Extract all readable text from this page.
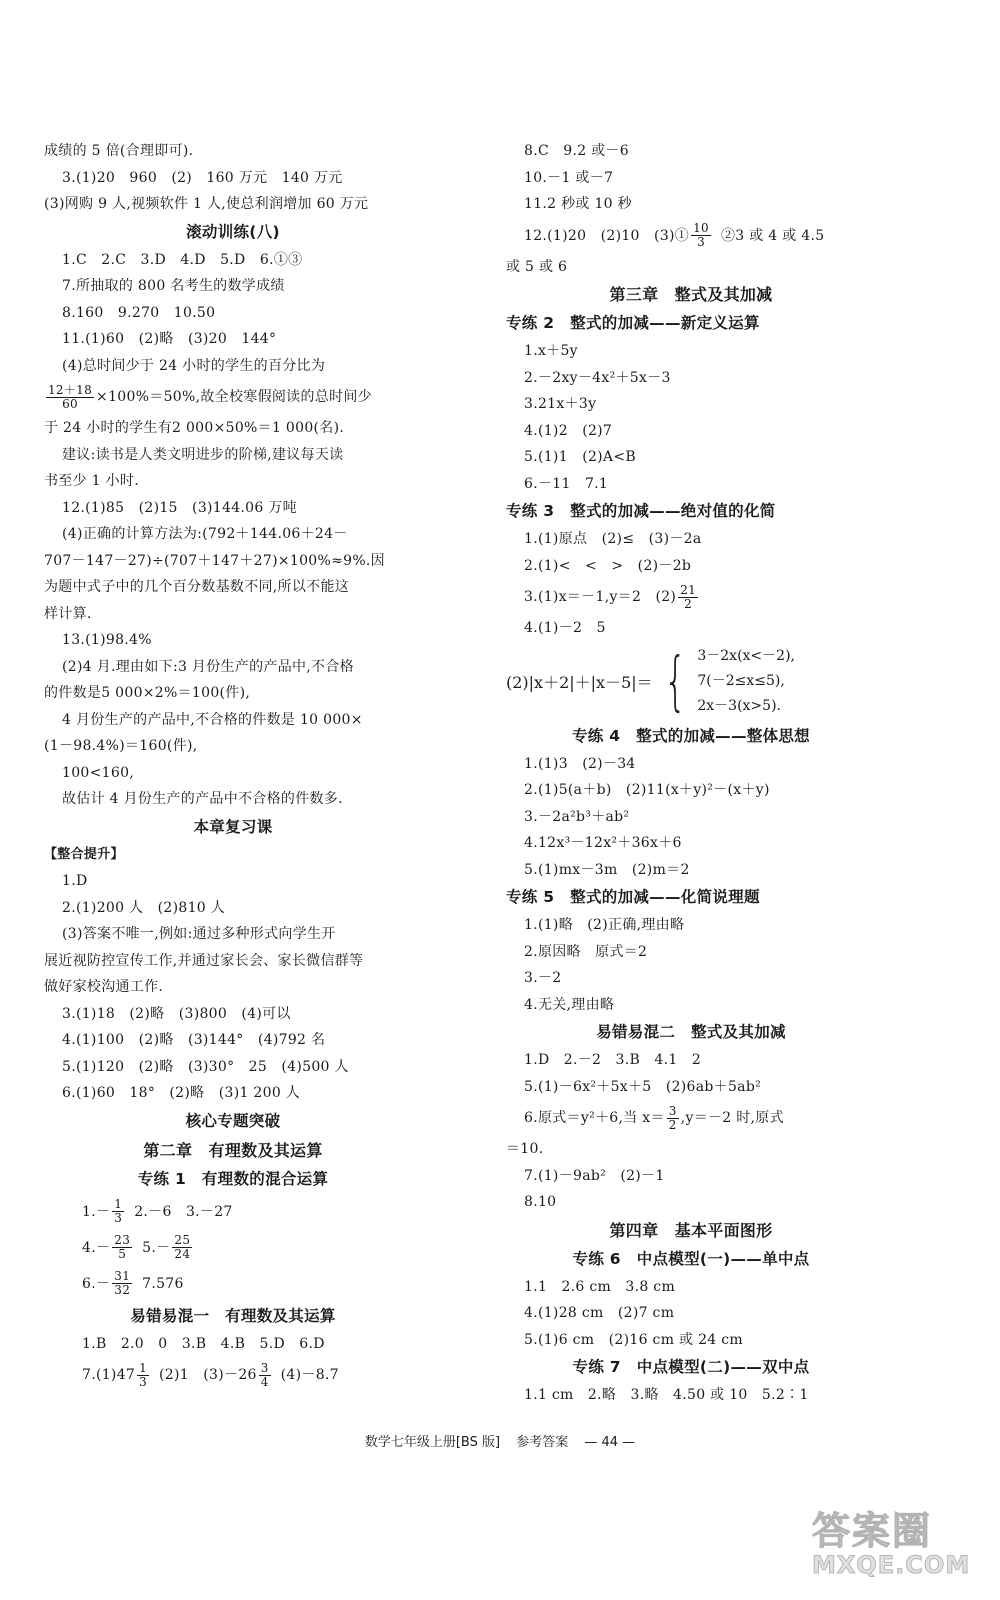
成绩的 5 倍(合理即可).
3.(1)20　960　(2)　160 万元　140 万元
(3)网购 9 人,视频软件 1 人,使总利润增加 60 万元
滚动训练(八)
1.C　2.C　3.D　4.D　5.D　6.①③
7.所抽取的 800 名考生的数学成绩
8.160　9.270　10.50
11.(1)60　(2)略　(3)20　144°
(4)总时间少于 24 小时的学生的百分比为
$\frac{12+18}{60} \times 100\%=50\%$,故全校寒假阅读的总时间少
于 24 小时的学生有2 000×50%＝1 000(名).
建议:读书是人类文明进步的阶梯,建议每天读
书至少 1 小时.
12.(1)85　(2)15　(3)144.06 万吨
(4)正确的计算方法为:(792＋144.06＋24－
707－147－27)÷(707＋147＋27)×100%≈9%.因
为题中式子中的几个百分数基数不同,所以不能这
样计算.
13.(1)98.4%
(2)4 月.理由如下:3 月份生产的产品中,不合格
的件数是5 000×2%＝100(件),
4 月份生产的产品中,不合格的件数是 10 000×
(1－98.4%)＝160(件),
100<160,
故估计 4 月份生产的产品中不合格的件数多.
本章复习课
【整合提升】
1.D
2.(1)200 人　(2)810 人
(3)答案不唯一,例如:通过多种形式向学生开
展近视防控宣传工作,并通过家长会、家长微信群等
做好家校沟通工作.
3.(1)18　(2)略　(3)800　(4)可以
4.(1)100　(2)略　(3)144°　(4)792 名
5.(1)120　(2)略　(3)30°　25　(4)500 人
6.(1)60　18°　(2)略　(3)1 200 人
核心专题突破
第二章　有理数及其运算
专练 1　有理数的混合运算
$1.- \frac{1}{3} 2.-6$　3.－27
$4.- \frac{23}{5} 5.- \frac{25}{24}$
$6.- \frac{31}{32} 7.576$
易错易混一　有理数及其运算
1.B　2.0　0　3.B　4.B　5.D　6.D
$7.(1)47 \frac{1}{3} (2)1$　$(3)-26 \frac{3}{4} (4)-8.7$
8.C　9.2 或－6
10.－1 或－7
11.2 秒或 10 秒
12.(1)20　(2)10　(3)① $\frac{10}{3}$ ②3 或 4 或 4.5
或 5 或 6
第三章　整式及其加减
专练 2　整式的加减——新定义运算
1.x＋5y
2.－2xy－4x²＋5x－3
3.21x＋3y
4.(1)2　(2)7
5.(1)1　(2)A<B
6.－11　7.1
专练 3　整式的加减——绝对值的化简
1.(1)原点　(2)≤　(3)－2a
2.(1)<　<　>　(2)－2b
3.(1)x＝－1,y＝2　$(2) \frac{21}{2}$
4.(1)－2　5
(2)|x＋2|＋|x－5|＝ { 3－2x(x<－2),
7(－2≤x≤5),
2x－3(x>5).
专练 4　整式的加减——整体思想
1.(1)3　(2)－34
2.(1)5(a＋b)　(2)11(x＋y)²－(x＋y)
3.－2a²b³＋ab²
4.12x³－12x²＋36x＋6
5.(1)mx－3m　(2)m＝2
专练 5　整式的加减——化简说理题
1.(1)略　(2)正确,理由略
2.原因略　原式＝2
3.－2
4.无关,理由略
易错易混二　整式及其加减
1.D　2.－2　3.B　4.1　2
5.(1)－6x²＋5x＋5　(2)6ab＋5ab²
6.原式＝y²＋6,当 $x= \frac{3}{2} ,y=-2$ 时,原式
＝10.
7.(1)－9ab²　(2)－1
8.10
第四章　基本平面图形
专练 6　中点模型(一)——单中点
1.1　2.6 cm　3.8 cm
4.(1)28 cm　(2)7 cm
5.(1)6 cm　(2)16 cm 或 24 cm
专练 7　中点模型(二)——双中点
1.1 cm　2.略　3.略　4.50 或 10　5.2∶1
数学七年级上册[BS 版] 参考答案 — 44 —
答案圈
MXQE.COM
